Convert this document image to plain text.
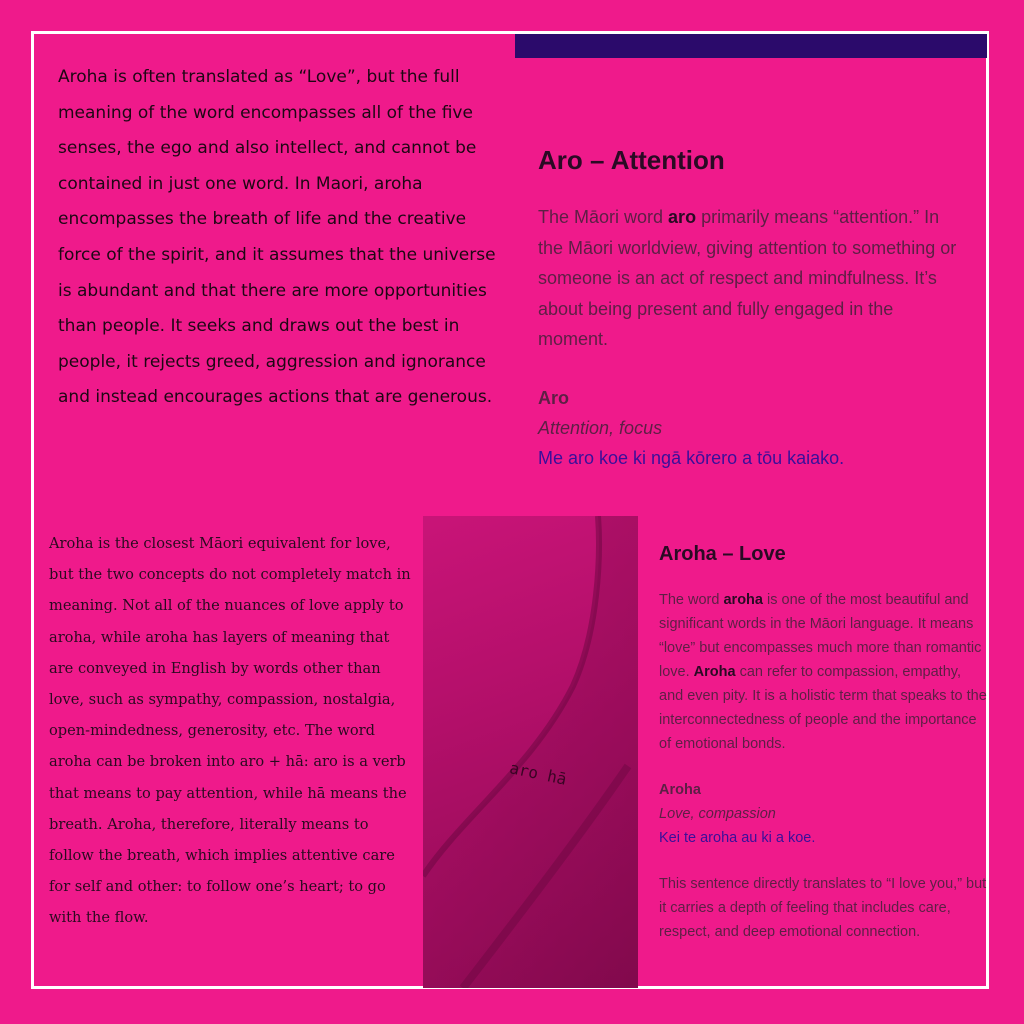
Aroha is often translated as “Love”, but the full meaning of the word encompasses all of the five senses, the ego and also intellect, and cannot be contained in just one word. In Maori, aroha encompasses the breath of life and the creative force of the spirit, and it assumes that the universe is abundant and that there are more opportunities than people. It seeks and draws out the best in people, it rejects greed, aggression and ignorance and instead encourages actions that are generous.

Aro – Attention

The Māori word aro primarily means “attention.” In the Māori worldview, giving attention to something or someone is an act of respect and mindfulness. It’s about being present and fully engaged in the moment.

Aro

Attention, focus

Me aro koe ki ngā kōrero a tōu kaiako.

Aroha is the closest Māori equivalent for love, but the two concepts do not completely match in meaning. Not all of the nuances of love apply to aroha, while aroha has layers of meaning that are conveyed in English by words other than love, such as sympathy, compassion, nostalgia, open-mindedness, generosity, etc. The word aroha can be broken into aro + hā: aro is a verb that means to pay attention, while hā means the breath. Aroha, therefore, literally means to follow the breath, which implies attentive care for self and other: to follow one’s heart; to go with the flow.

aro hā
Aroha – Love

The word aroha is one of the most beautiful and significant words in the Māori language. It means “love” but encompasses much more than romantic love. Aroha can refer to compassion, empathy, and even pity. It is a holistic term that speaks to the interconnectedness of people and the importance of emotional bonds.

Aroha

Love, compassion

Kei te aroha au ki a koe.

This sentence directly translates to “I love you,” but it carries a depth of feeling that includes care, respect, and deep emotional connection.
